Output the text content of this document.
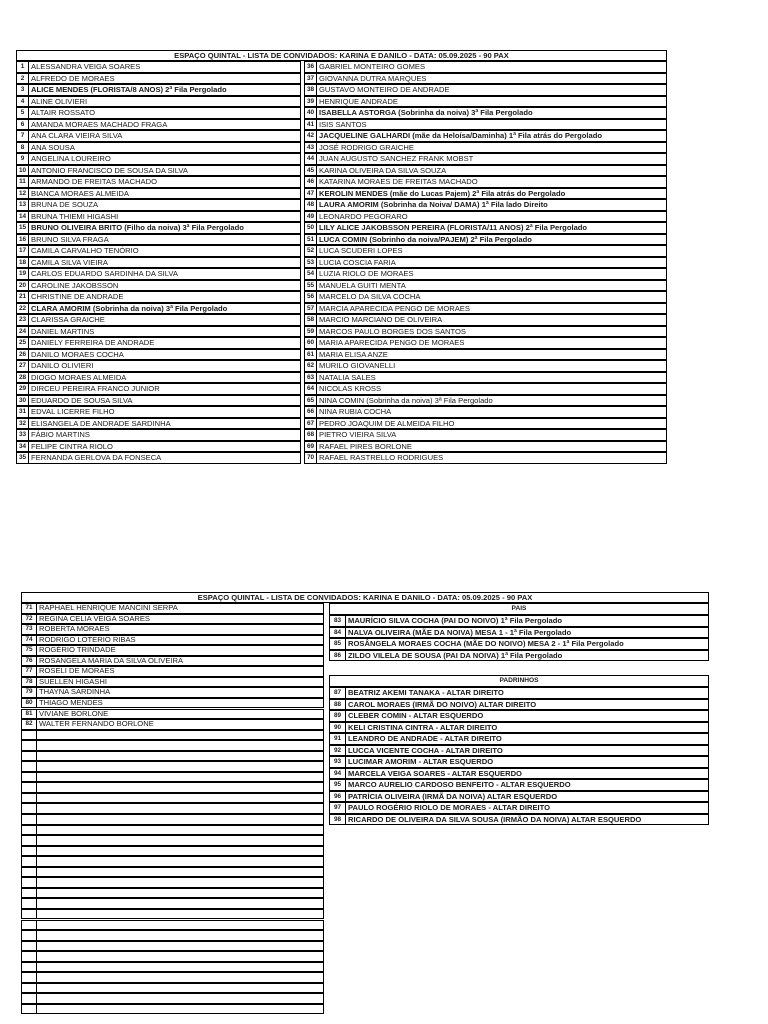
ESPAÇO QUINTAL - LISTA DE CONVIDADOS: KARINA E DANILO - DATA: 05.09.2025 - 90 PAX
1 ALESSANDRA VEIGA SOARES
2 ALFREDO DE MORAES
3 ALICE MENDES (FLORISTA/8 ANOS) 2ª Fila Pergolado
4 ALINE OLIVIERI
5 ALTAIR ROSSATO
6 AMANDA MORAES MACHADO FRAGA
7 ANA CLARA VIEIRA SILVA
8 ANA SOUSA
9 ANGELINA LOUREIRO
10 ANTONIO FRANCISCO DE SOUSA DA SILVA
11 ARMANDO DE FREITAS MACHADO
12 BIANCA MORAES ALMEIDA
13 BRUNA DE SOUZA
14 BRUNA THIEMI HIGASHI
15 BRUNO OLIVEIRA BRITO (Filho da noiva) 3ª Fila Pergolado
16 BRUNO SILVA FRAGA
17 CAMILA CARVALHO TENÓRIO
18 CAMILA SILVA VIEIRA
19 CARLOS EDUARDO SARDINHA DA SILVA
20 CAROLINE JAKOBSSON
21 CHRISTINE DE ANDRADE
22 CLARA AMORIM (Sobrinha da noiva) 3ª Fila Pergolado
23 CLARISSA GRAICHE
24 DANIEL MARTINS
25 DANIELY FERREIRA DE ANDRADE
26 DANILO MORAES COCHA
27 DANILO OLIVIERI
28 DIOGO MORAES ALMEIDA
29 DIRCEU PEREIRA FRANCO JUNIOR
30 EDUARDO DE SOUSA SILVA
31 EDVAL LICERRE FILHO
32 ELISANGELA DE ANDRADE SARDINHA
33 FÁBIO MARTINS
34 FELIPE CINTRA RIOLO
35 FERNANDA GERLOVA DA FONSECA
36 GABRIEL MONTEIRO GOMES
37 GIOVANNA DUTRA MARQUES
38 GUSTAVO MONTEIRO DE ANDRADE
39 HENRIQUE ANDRADE
40 ISABELLA ASTORGA (Sobrinha da noiva) 3ª Fila Pergolado
41 ISIS SANTOS
42 JACQUELINE GALHARDI (mãe da Heloísa/Daminha) 1ª Fila atrás do Pergolado
43 JOSÉ RODRIGO GRAICHE
44 JUAN AUGUSTO SANCHEZ FRANK MOBST
45 KARINA OLIVEIRA DA SILVA SOUZA
46 KATARINA MORAES DE FREITAS MACHADO
47 KEROLIN MENDES (mãe do Lucas Pajem) 2ª Fila atrás do Pergolado
48 LAURA AMORIM (Sobrinha da Noiva/ DAMA) 1ª Fila lado Direito
49 LEONARDO PEGORARO
50 LILY ALICE JAKOBSSON PEREIRA (FLORISTA/11 ANOS) 2ª Fila Pergolado
51 LUCA COMIN (Sobrinho da noiva/PAJEM) 2ª Fila Pergolado
52 LUCA SCUDERI LOPES
53 LUCIA COSCIA FARIA
54 LUZIA RIOLO DE MORAES
55 MANUELA GUITI MENTA
56 MARCELO DA SILVA COCHA
57 MARCIA APARECIDA PENGO DE MORAES
58 MARCIO MARCIANO DE OLIVEIRA
59 MARCOS PAULO BORGES DOS SANTOS
60 MARIA APARECIDA PENGO DE MORAES
61 MARIA ELISA ANZE
62 MURILO GIOVANELLI
63 NATALIA SALES
64 NICOLAS KROSS
65 NINA COMIN (Sobrinha da noiva) 3ª Fila Pergolado
66 NINA RUBIA COCHA
67 PEDRO JOAQUIM DE ALMEIDA FILHO
68 PIETRO VIEIRA SILVA
69 RAFAEL PIRES BORLONE
70 RAFAEL RASTRELLO RODRIGUES
ESPAÇO QUINTAL - LISTA DE CONVIDADOS: KARINA E DANILO - DATA: 05.09.2025 - 90 PAX
PAIS
PADRINHOS
71 RAPHAEL HENRIQUE MANCINI SERPA
72 REGINA CELIA VEIGA SOARES
73 ROBERTA MORAES
74 RODRIGO LOTERIO RIBAS
75 ROGÉRIO TRINDADE
76 ROSANGELA MARIA DA SILVA OLIVEIRA
77 ROSELI DE MORAES
78 SUELLEN HIGASHI
79 THAYNA SARDINHA
80 THIAGO MENDES
81 VIVIANE BORLONE
82 WALTER FERNANDO BORLONE
83 MAURÍCIO SILVA COCHA (PAI DO NOIVO) 1ª Fila Pergolado
84 NALVA OLIVEIRA (MÃE DA NOIVA) MESA 1 - 1ª Fila Pergolado
85 ROSÂNGELA MORAES COCHA (MÃE DO NOIVO) MESA 2 - 1ª Fila Pergolado
86 ZILDO VILELA DE SOUSA (PAI DA NOIVA) 1ª Fila Pergolado
87 BEATRIZ AKEMI TANAKA - ALTAR DIREITO
88 CAROL MORAES (IRMÃ DO NOIVO) ALTAR DIREITO
89 CLEBER COMIN - ALTAR ESQUERDO
90 KELI CRISTINA CINTRA - ALTAR DIREITO
91 LEANDRO DE ANDRADE - ALTAR DIREITO
92 LUCCA VICENTE COCHA - ALTAR DIREITO
93 LUCIMAR AMORIM - ALTAR ESQUERDO
94 MARCELA VEIGA SOARES - ALTAR ESQUERDO
95 MARCO AURELIO CARDOSO BENFEITO - ALTAR ESQUERDO
96 PATRÍCIA OLIVEIRA (IRMÃ DA NOIVA) ALTAR ESQUERDO
97 PAULO ROGÉRIO RIOLO DE MORAES - ALTAR DIREITO
98 RICARDO DE OLIVEIRA DA SILVA SOUSA (IRMÃO DA NOIVA) ALTAR ESQUERDO
